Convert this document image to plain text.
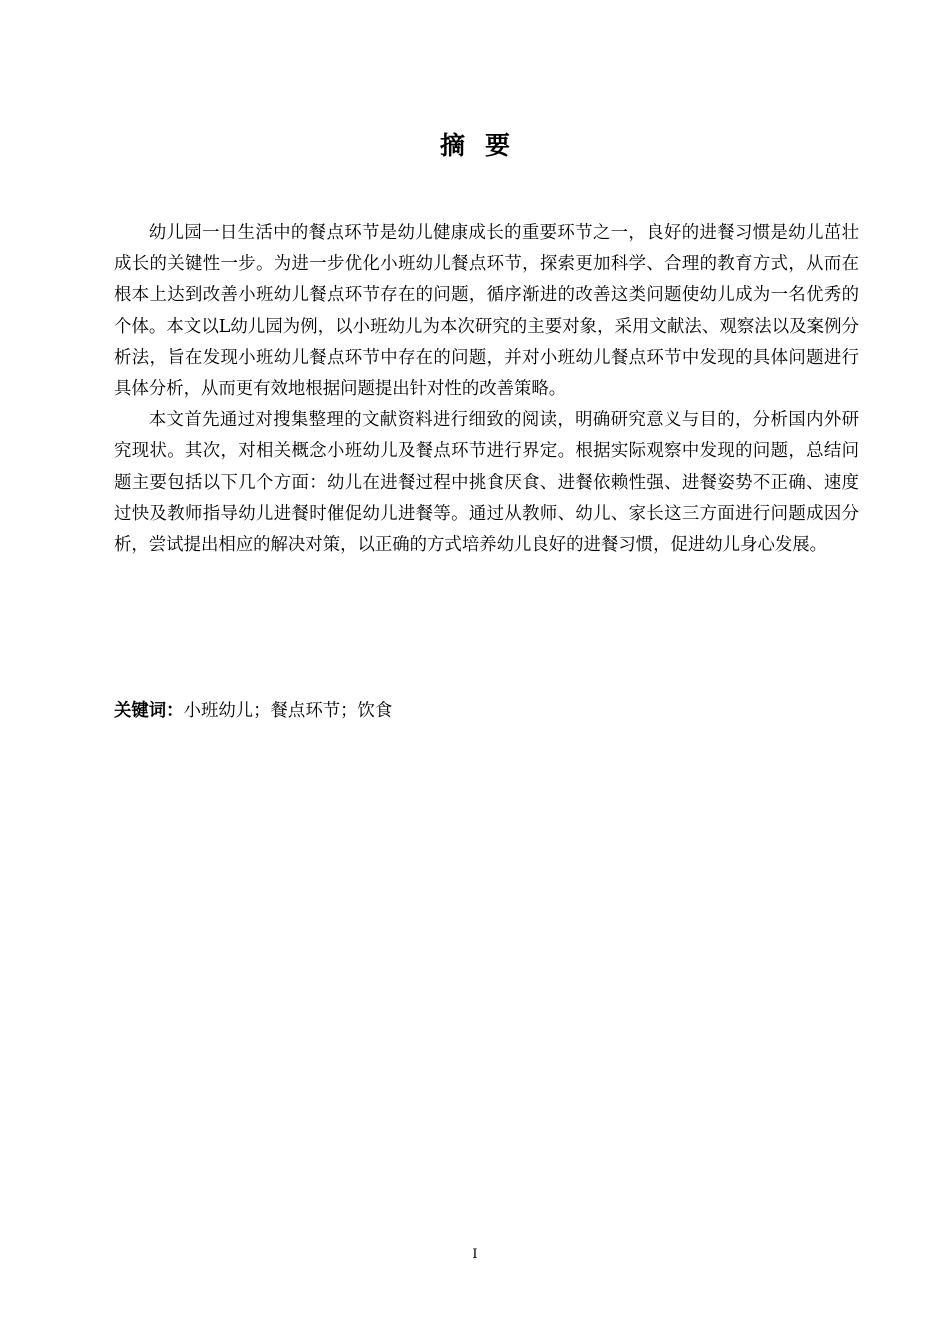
摘要

幼儿园一日生活中的餐点环节是幼儿健康成长的重要环节之一，良好的进餐习惯是幼儿茁壮成长的关键性一步。为进一步优化小班幼儿餐点环节，探索更加科学、合理的教育方式，从而在根本上达到改善小班幼儿餐点环节存在的问题，循序渐进的改善这类问题使幼儿成为一名优秀的个体。本文以L幼儿园为例，以小班幼儿为本次研究的主要对象，采用文献法、观察法以及案例分析法，旨在发现小班幼儿餐点环节中存在的问题，并对小班幼儿餐点环节中发现的具体问题进行具体分析，从而更有效地根据问题提出针对性的改善策略。

本文首先通过对搜集整理的文献资料进行细致的阅读，明确研究意义与目的，分析国内外研究现状。其次，对相关概念小班幼儿及餐点环节进行界定。根据实际观察中发现的问题，总结问题主要包括以下几个方面：幼儿在进餐过程中挑食厌食、进餐依赖性强、进餐姿势不正确、速度过快及教师指导幼儿进餐时催促幼儿进餐等。通过从教师、幼儿、家长这三方面进行问题成因分析，尝试提出相应的解决对策，以正确的方式培养幼儿良好的进餐习惯，促进幼儿身心发展。

关键词：小班幼儿；餐点环节；饮食

I
